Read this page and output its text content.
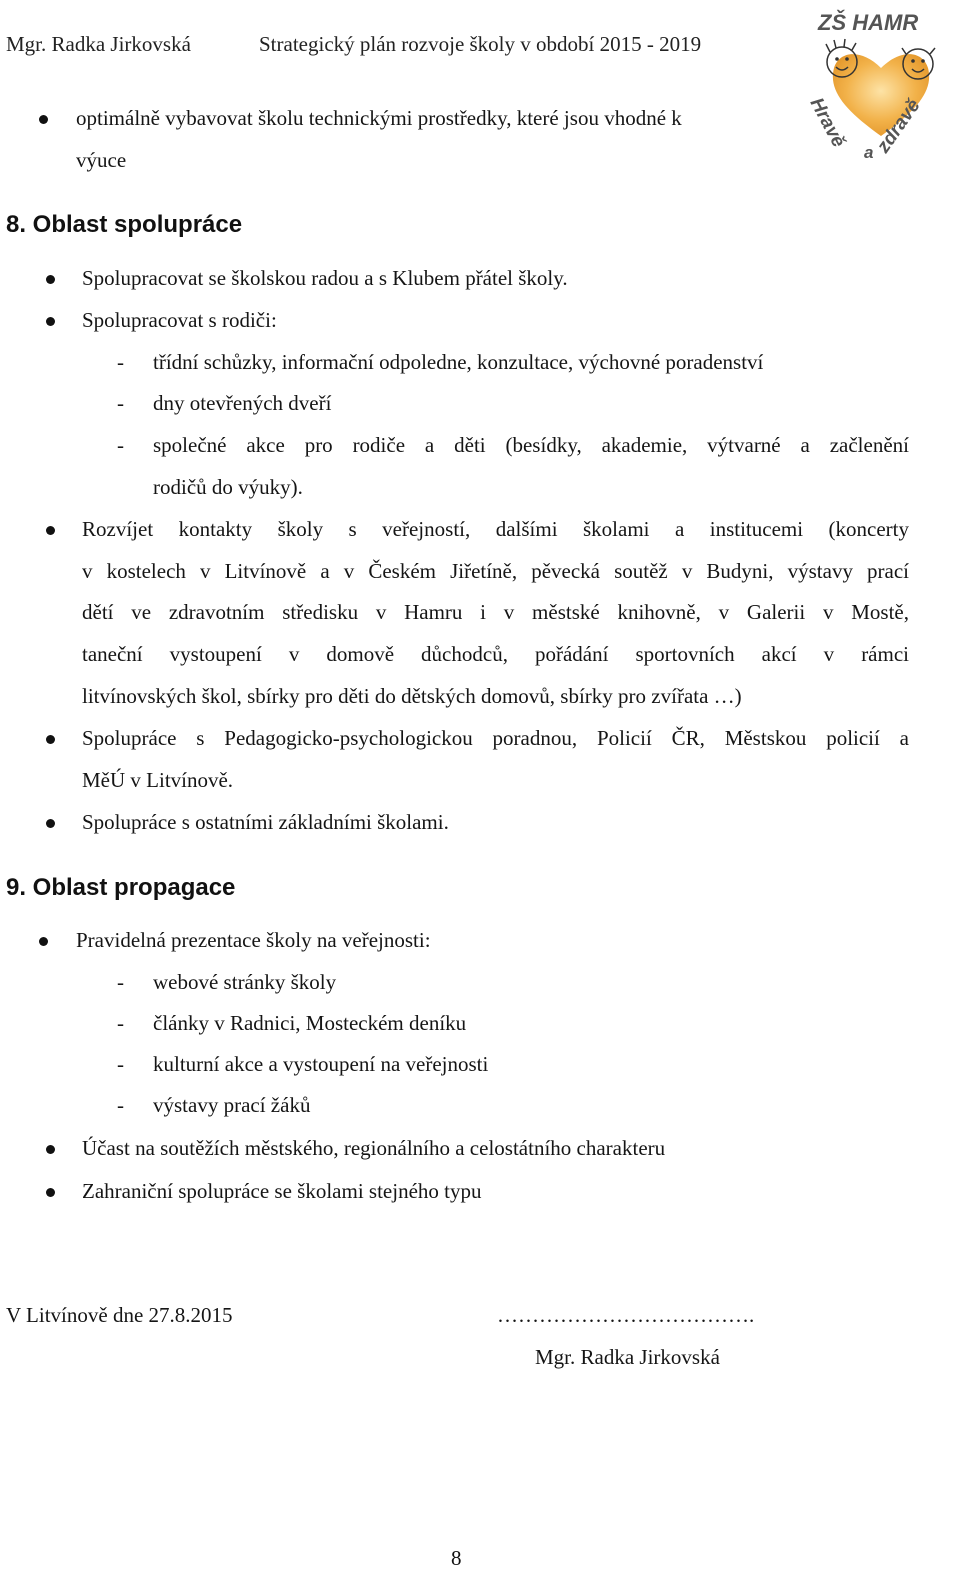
Mgr. Radka Jirkovská	Strategický plán rozvoje školy v období 2015 - 2019
ZŠ HAMR
Hravě
a zdravě
optimálně vybavovat školu technickými prostředky, které jsou vhodné k
výuce
8. Oblast spolupráce
Spolupracovat se školskou radou a s Klubem přátel školy.
Spolupracovat s rodiči:
- třídní schůzky, informační odpoledne, konzultace, výchovné poradenství
- dny otevřených dveří
- společné akce pro rodiče a děti (besídky, akademie, výtvarné a začlenění
rodičů do výuky).
Rozvíjet kontakty školy s veřejností, dalšími školami a institucemi (koncerty
v kostelech v Litvínově a v Českém Jiřetíně, pěvecká soutěž v Budyni, výstavy prací
dětí ve zdravotním středisku v Hamru i v městské knihovně, v Galerii v Mostě,
taneční vystoupení v domově důchodců, pořádání sportovních akcí v rámci
litvínovských škol, sbírky pro děti do dětských domovů, sbírky pro zvířata …)
Spolupráce s Pedagogicko-psychologickou poradnou, Policií ČR, Městskou policií a
MěÚ v Litvínově.
Spolupráce s ostatními základními školami.
9. Oblast propagace
Pravidelná prezentace školy na veřejnosti:
- webové stránky školy
- články v Radnici, Mosteckém deníku
- kulturní akce a vystoupení na veřejnosti
- výstavy prací žáků
Účast na soutěžích městského, regionálního a celostátního charakteru
Zahraniční spolupráce se školami stejného typu
V Litvínově dne 27.8.2015	……………………………….
Mgr. Radka Jirkovská
8
